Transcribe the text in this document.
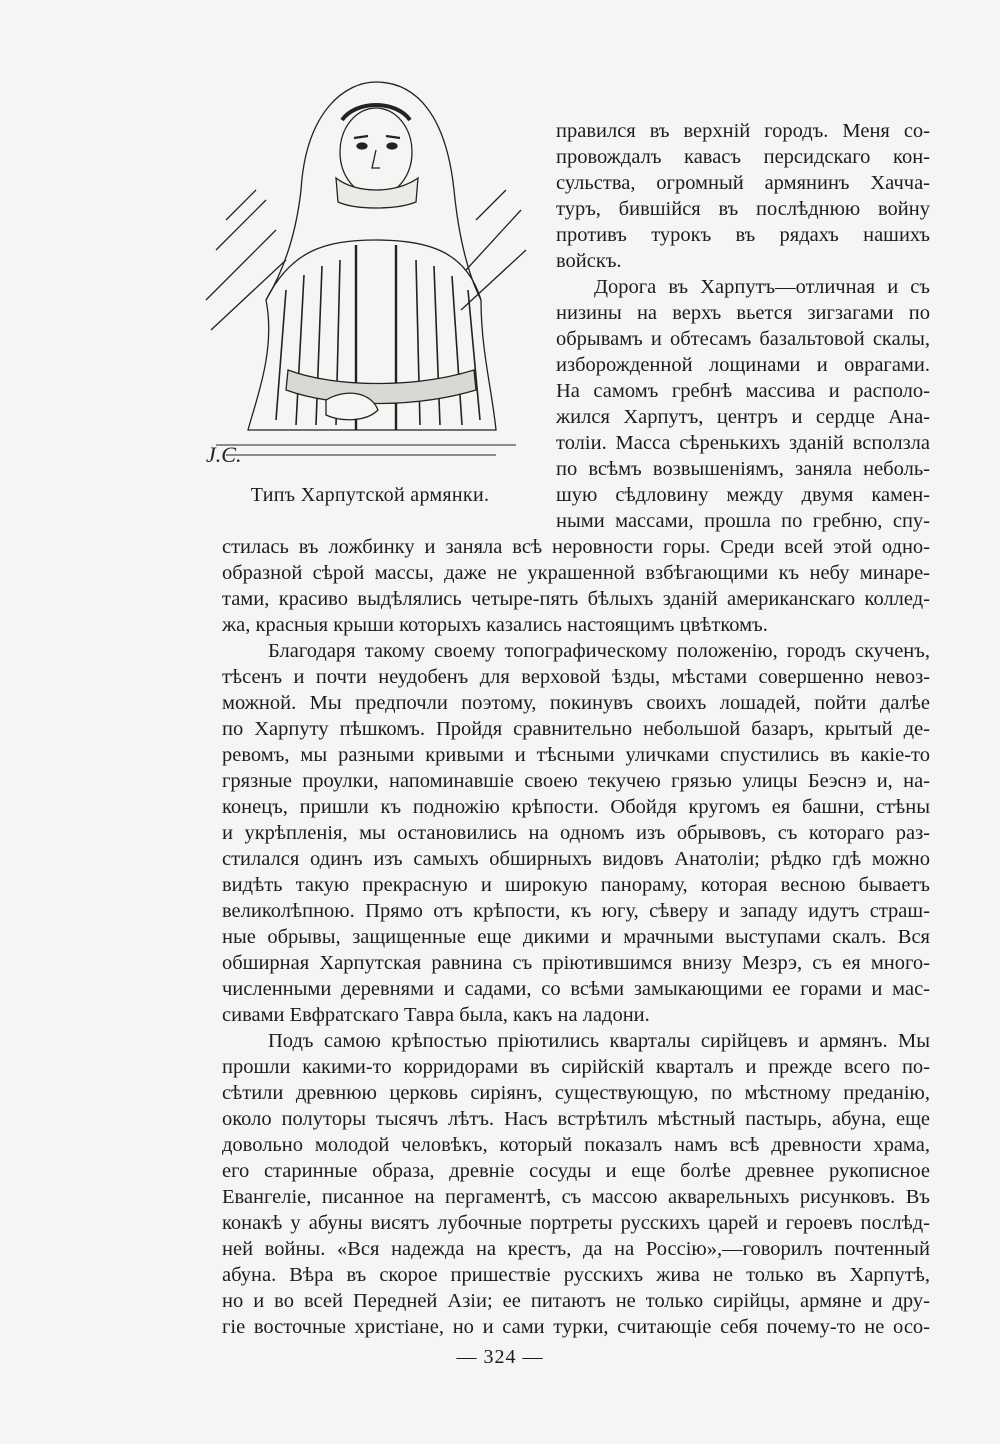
J.C.
Типъ Харпутской армянки.
правился въ верхній городъ. Меня со-
провождалъ кавасъ персидскаго кон-
сульства, огромный армянинъ Хачча-
туръ, бившійся въ послѣднюю войну
противъ турокъ въ рядахъ нашихъ
войскъ.
Дорога въ Харпутъ—отличная и съ
низины на верхъ вьется зигзагами по
обрывамъ и обтесамъ базальтовой скалы,
изборожденной лощинами и оврагами.
На самомъ гребнѣ массива и располо-
жился Харпутъ, центръ и сердце Ана-
толіи. Масса сѣренькихъ зданій всползла
по всѣмъ возвышеніямъ, заняла неболь-
шую сѣдловину между двумя камен-
ными массами, прошла по гребню, спу-
стилась въ ложбинку и заняла всѣ неровности горы. Среди всей этой одно-
образной сѣрой массы, даже не украшенной взбѣгающими къ небу минаре-
тами, красиво выдѣлялись четыре-пять бѣлыхъ зданій американскаго коллед-
жа, красныя крыши которыхъ казались настоящимъ цвѣткомъ.
Благодаря такому своему топографическому положенію, городъ скученъ,
тѣсенъ и почти неудобенъ для верховой ѣзды, мѣстами совершенно невоз-
можной. Мы предпочли поэтому, покинувъ своихъ лошадей, пойти далѣе
по Харпуту пѣшкомъ. Пройдя сравнительно небольшой базаръ, крытый де-
ревомъ, мы разными кривыми и тѣсными уличками спустились въ какіе-то
грязные проулки, напоминавшіе своею текучею грязью улицы Беэснэ и, на-
конецъ, пришли къ подножію крѣпости. Обойдя кругомъ ея башни, стѣны
и укрѣпленія, мы остановились на одномъ изъ обрывовъ, съ котораго раз-
стилался одинъ изъ самыхъ обширныхъ видовъ Анатоліи; рѣдко гдѣ можно
видѣть такую прекрасную и широкую панораму, которая весною бываетъ
великолѣпною. Прямо отъ крѣпости, къ югу, сѣверу и западу идутъ страш-
ные обрывы, защищенные еще дикими и мрачными выступами скалъ. Вся
обширная Харпутская равнина съ пріютившимся внизу Мезрэ, съ ея много-
численными деревнями и садами, со всѣми замыкающими ее горами и мас-
сивами Евфратскаго Тавра была, какъ на ладони.
Подъ самою крѣпостью пріютились кварталы сирійцевъ и армянъ. Мы
прошли какими-то корридорами въ сирійскій кварталъ и прежде всего по-
сѣтили древнюю церковь сиріянъ, существующую, по мѣстному преданію,
около полуторы тысячъ лѣтъ. Насъ встрѣтилъ мѣстный пастырь, абуна, еще
довольно молодой человѣкъ, который показалъ намъ всѣ древности храма,
его старинные образа, древніе сосуды и еще болѣе древнее рукописное
Евангеліе, писанное на пергаментѣ, съ массою акварельныхъ рисунковъ. Въ
конакѣ у абуны висятъ лубочные портреты русскихъ царей и героевъ послѣд-
ней войны. «Вся надежда на крестъ, да на Россію»,—говорилъ почтенный
абуна. Вѣра въ скорое пришествіе русскихъ жива не только въ Харпутѣ,
но и во всей Передней Азіи; ее питаютъ не только сирійцы, армяне и дру-
гіе восточные христіане, но и сами турки, считающіе себя почему-то не осо-
— 324 —
